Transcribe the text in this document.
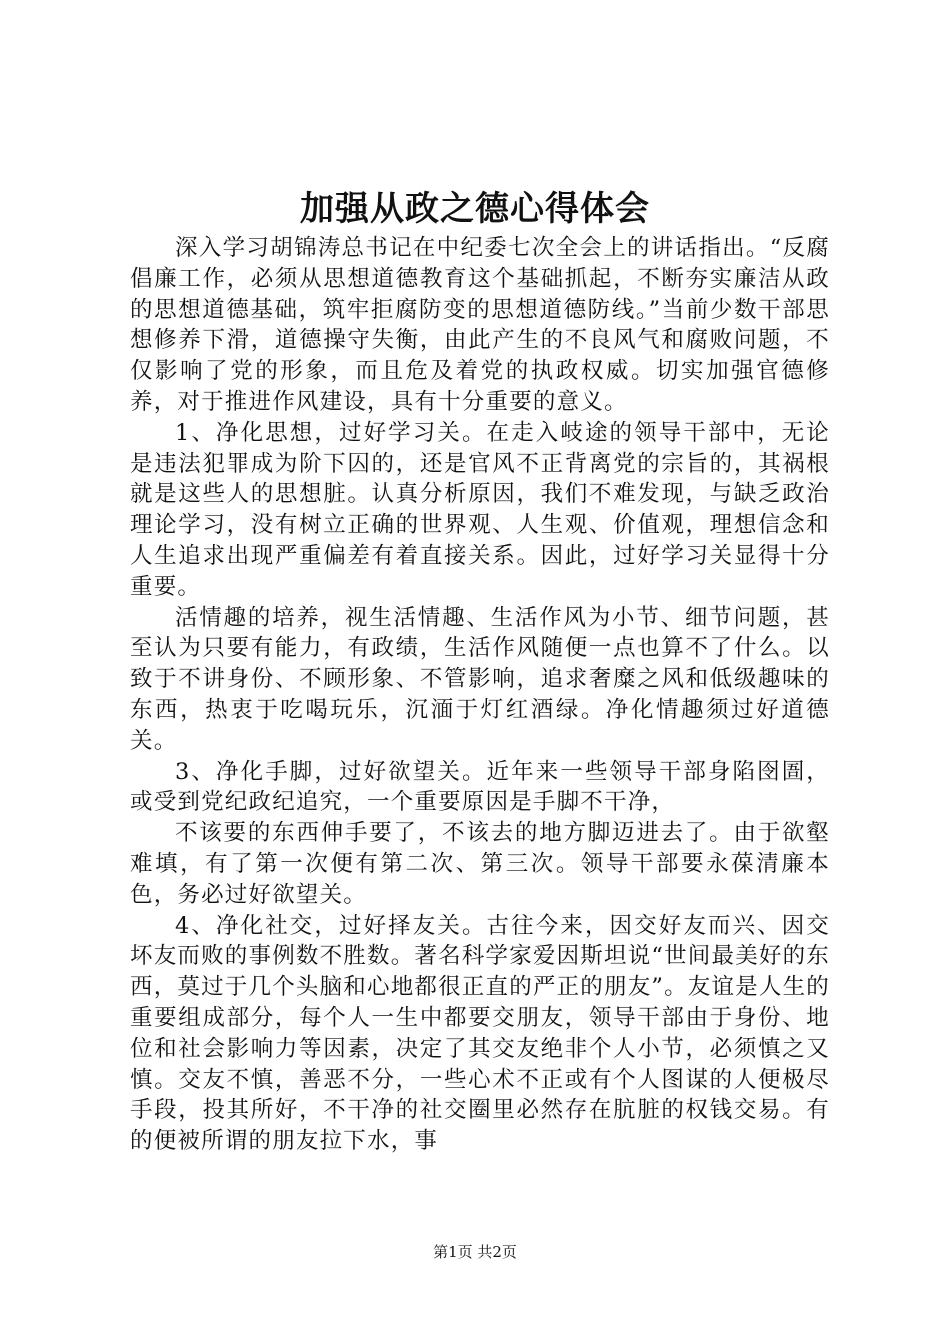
加强从政之德心得体会

深入学习胡锦涛总书记在中纪委七次全会上的讲话指出。“反腐倡廉工作，必须从思想道德教育这个基础抓起，不断夯实廉洁从政的思想道德基础，筑牢拒腐防变的思想道德防线。”当前少数干部思想修养下滑，道德操守失衡，由此产生的不良风气和腐败问题，不仅影响了党的形象，而且危及着党的执政权威。切实加强官德修养，对于推进作风建设，具有十分重要的意义。

1、净化思想，过好学习关。在走入岐途的领导干部中，无论是违法犯罪成为阶下囚的，还是官风不正背离党的宗旨的，其祸根就是这些人的思想脏。认真分析原因，我们不难发现，与缺乏政治理论学习，没有树立正确的世界观、人生观、价值观，理想信念和人生追求出现严重偏差有着直接关系。因此，过好学习关显得十分重要。

活情趣的培养，视生活情趣、生活作风为小节、细节问题，甚至认为只要有能力，有政绩，生活作风随便一点也算不了什么。以致于不讲身份、不顾形象、不管影响，追求奢糜之风和低级趣味的东西，热衷于吃喝玩乐，沉湎于灯红酒绿。净化情趣须过好道德关。

3、净化手脚，过好欲望关。近年来一些领导干部身陷囹圄，或受到党纪政纪追究，一个重要原因是手脚不干净，

不该要的东西伸手要了，不该去的地方脚迈进去了。由于欲壑难填，有了第一次便有第二次、第三次。领导干部要永葆清廉本色，务必过好欲望关。

4、净化社交，过好择友关。古往今来，因交好友而兴、因交坏友而败的事例数不胜数。著名科学家爱因斯坦说“世间最美好的东西，莫过于几个头脑和心地都很正直的严正的朋友”。友谊是人生的重要组成部分，每个人一生中都要交朋友，领导干部由于身份、地位和社会影响力等因素，决定了其交友绝非个人小节，必须慎之又慎。交友不慎，善恶不分，一些心术不正或有个人图谋的人便极尽手段，投其所好，不干净的社交圈里必然存在肮脏的权钱交易。有的便被所谓的朋友拉下水，事

第1页 共2页
